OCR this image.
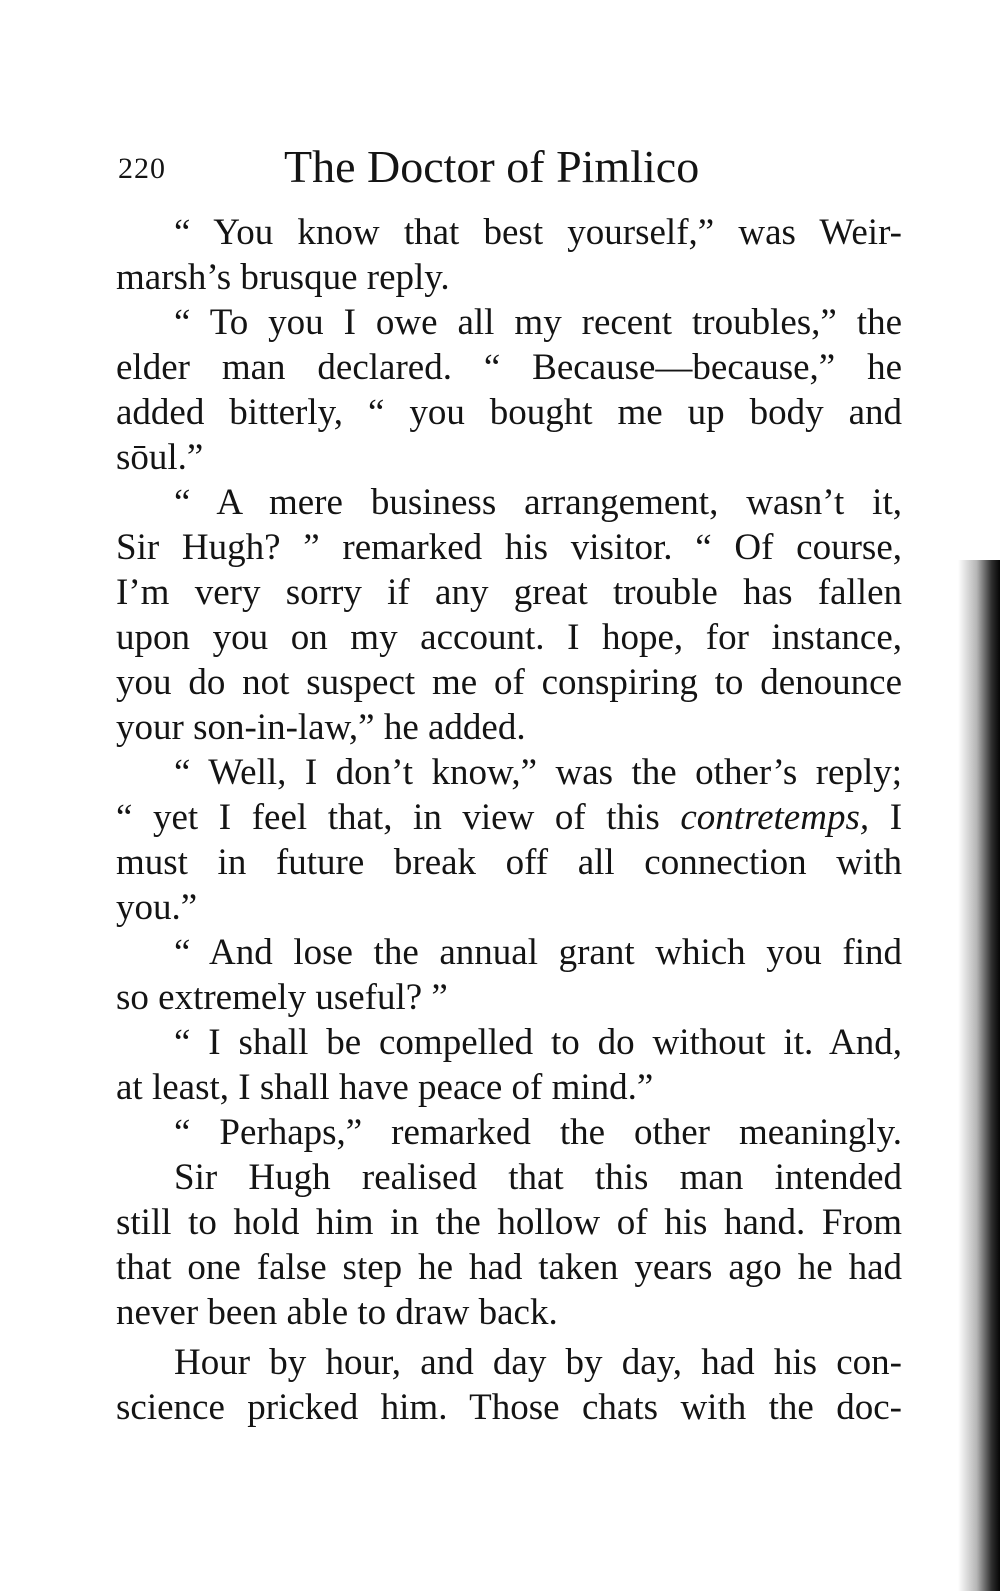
220	The Doctor of Pimlico
“ You know that best yourself,” was Weir-
marsh’s brusque reply.
“ To you I owe all my recent troubles,” the
elder man declared. “ Because—because,” he
added bitterly, “ you bought me up body and
sōul.”
“ A mere business arrangement, wasn’t it,
Sir Hugh? ” remarked his visitor. “ Of course,
I’m very sorry if any great trouble has fallen
upon you on my account. I hope, for instance,
you do not suspect me of conspiring to denounce
your son-in-law,” he added.
“ Well, I don’t know,” was the other’s reply;
“ yet I feel that, in view of this contretemps, I
must in future break off all connection with
you.”
“ And lose the annual grant which you find
so extremely useful? ”
“ I shall be compelled to do without it. And,
at least, I shall have peace of mind.”
“ Perhaps,” remarked the other meaningly.
Sir Hugh realised that this man intended
still to hold him in the hollow of his hand. From
that one false step he had taken years ago he had
never been able to draw back.
Hour by hour, and day by day, had his con-
science pricked him. Those chats with the doc-
